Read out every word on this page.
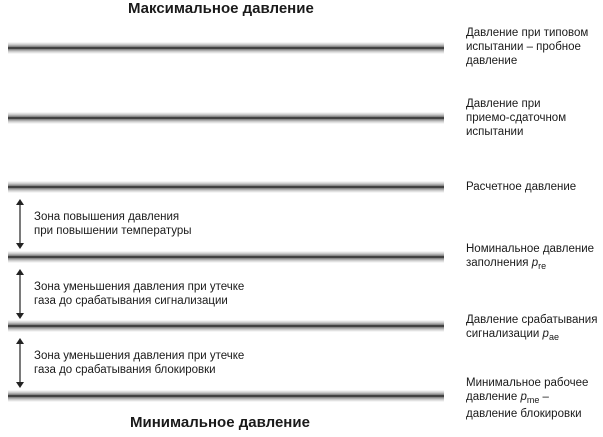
Максимальное давление
Давление при типовом
испытании – пробное
давление
Давление при
приемо-сдаточном
испытании
Расчетное давление
Номинальное давление
заполнения $p_{re}$
Давление срабатывания
сигнализации $p_{ae}$
Минимальное рабочее
давление $p_{me}$ –
давление блокировки
Зона повышения давления
при повышении температуры
Зона уменьшения давления при утечке
газа до срабатывания сигнализации
Зона уменьшения давления при утечке
газа до срабатывания блокировки
Минимальное давление
